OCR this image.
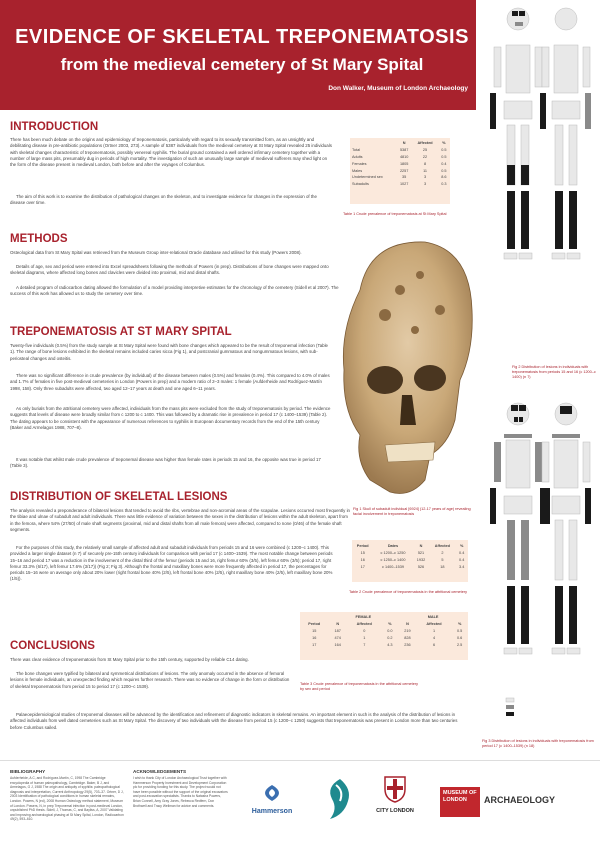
EVIDENCE OF SKELETAL TREPONEMATOSIS
from the medieval cemetery of St Mary Spital
Don Walker, Museum of London Archaeology
INTRODUCTION

There has been much debate on the origins and epidemiology of treponematosis, particularly with regard to its sexually transmitted form, as an unsightly and debilitating disease in pre-antibiotic populations (Ortner 2003, 273). A sample of 5387 individuals from the medieval cemetery at St Mary Spital revealed 25 individuals with skeletal changes characteristic of treponematosis, possibly venereal syphilis. The burial ground contained a well ordered infirmary cemetery together with a number of large mass pits, presumably dug in periods of high mortality. The investigation of such an unusually large sample of medieval sufferers may shed light on the form of the disease present in medieval London, both before and after the voyages of Columbus.

The aim of this work is to examine the distribution of pathological changes on the skeleton, and to investigate evidence for changes in the expression of the disease over time.

	N	Affected	%
Total	5387	25	0.5
Adults	4810	22	0.5
Females	1805	8	0.4
Males	2257	11	0.5
Undetermined sex	35	3	8.6
Subadults	1027	3	0.3
Table 1 Crude prevalence of treponematosis at St Mary Spital
METHODS

Osteological data from St Mary Spital was retrieved from the Museum Group inter-relational Oracle database and utilised for this study (Powers 2008).

Details of age, sex and period were entered into Excel spreadsheets following the methods of Powers (in prep). Distributions of bone changes were mapped onto skeletal diagrams, where affected long bones and clavicles were divided into proximal, mid and distal shafts.

A detailed program of radiocarbon dating allowed the formulation of a model providing interpretive estimates for the chronology of the cemetery (Sidell et al 2007). The success of this work has allowed us to study the cemetery over time.

Fig 1 Skull of subadult individual [6924] (12-17 years of age) revealing facial involvement in treponematosis
TREPONEMATOSIS AT ST MARY SPITAL

Twenty-five individuals (0.5%) from the study sample at St Mary Spital were found with bone changes which appeared to be the result of treponemal infection (Table 1). The range of bone lesions exhibited in the skeletal remains included caries sicca (Fig 1), and postcranial gummatous and nongummatous lesions, with sub-periosteal changes and osteitis.

There was no significant difference in crude prevalence (by individual) of the disease between males (0.5%) and females (0.4%). This compared to 4.0% of males and 1.7% of females in five post-medieval cemeteries in London (Powers in prep) and a modern ratio of 2–3 males: 1 female (Aufderheide and Rodríguez-Martín 1998, 158). Only three subadults were affected, two aged 12–17 years at death and one aged 6–11 years.

As only burials from the attritional cemetery were affected, individuals from the mass pits were excluded from the study of treponematosis by period. The evidence suggests that levels of disease were broadly similar from c 1200 to c 1400. This was followed by a dramatic rise in prevalence in period 17 (c 1400–1539) (Table 2). The dating appears to be consistent with the appearance of numerous references to syphilis in European documentary records from the end of the 15th century (Baker and Armelagos 1988, 707–8).

It was notable that whilst male crude prevalence of treponemal disease was higher than female rates in periods 15 and 16, the opposite was true in period 17 (Table 3).

DISTRIBUTION OF SKELETAL LESIONS

The analysis revealed a preponderance of bilateral lesions that tended to avoid the ribs, vertebrae and non-acromial areas of the scapulae. Lesions occurred most frequently in the tibiae and ulnae of subadult and adult individuals. There was little evidence of variation between the sexes in the distribution of lesions within the adult skeleton, apart from in the femora, where 54% (27/50) of male shaft segments (proximal, mid and distal shafts from all male femora) were affected, compared to none (0/46) of the female shaft segments.

For the purposes of this study, the relatively small sample of affected adult and subadult individuals from periods 15 and 16 were combined (c 1200–c 1400). This provided a larger single dataset (n 7) of securely pre-15th century individuals for comparison with period 17 (c 1400–1539). The most notable change between periods 15–16 and period 17 was a reduction in the involvement of the distal third of the femur (periods 15 and 16, right femur 60% (3/5), left femur 60% (3/5); period 17, right femur 33.3% (6/17), left femur 17.6% (3/17)) (Fig 2; Fig 3). Although the frontal and maxillary bones were more frequently affected in period 17, the percentages for periods 15–16 were on average only about 20% lower (right frontal bone 40% (2/5), left frontal bone 40% (2/5), right maxillary bone 40% (2/5), left maxillary bone 20% (1/5)).

Period	Dates	N	Affected	%
15	c 1200–c 1250	521	2	0.4
16	c 1250–c 1400	1932	5	0.4
17	c 1400–1539	526	18	3.4
Table 2 Crude prevalence of treponematosis in the attritional cemetery
	FEMALE			MALE		
Period	N	Affected	%	N	Affected	%
15	187	0	0.0	219	1	0.5
16	474	1	0.2	828	4	0.6
17	164	7	4.3	236	6	2.5
Table 3 Crude prevalence of treponematosis in the attritional cemetery by sex and period
CONCLUSIONS

There was clear evidence of treponematosis from St Mary Spital prior to the 15th century, supported by reliable C14 dating.

The bone changes were typified by bilateral and symmetrical distributions of lesions. The only anomaly occurred in the absence of femoral lesions in female individuals, an unexpected finding which requires further research. There was no evidence of change in the form or distribution of skeletal treponematosis from period 15 to period 17 (c 1200–c 1539).

Palaeoepidemiological studies of treponemal diseases will be advanced by the identification and refinement of diagnostic indicators in skeletal remains. An important element in such is the analysis of the distribution of lesions in affected individuals from well dated cemeteries such as St Mary Spital. The discovery of two individuals with the disease from period 15 (c 1200–c 1250) suggests that treponematosis was present in London more than two centuries before Columbus sailed.

Fig 2 Distribution of lesions in individuals with treponematosis from periods 15 and 16 (c 1200–c 1400) (n 7)
Fig 3 Distribution of lesions in individuals with treponematosis from period 17 (c 1400–1539) (n 18)
BIBLIOGRAPHY
Aufderheide, A C, and Rodríguez-Martín, C, 1998 The Cambridge encyclopedia of human paleopathology, Cambridge. Baker, B J, and Armelagos, G J, 1988 The origin and antiquity of syphilis: paleopathological diagnosis and interpretation, Current Anthropology 29(5), 703–37. Ortner, D J, 2003 Identification of pathological conditions in human skeletal remains, London. Powers, N (ed), 2008 Human Osteology method statement, Museum of London. Powers, N, in prep Treponemal infection in post-medieval London, unpublished PhD thesis. Sidell, J, Thomas, C, and Bayliss, A, 2007 Validating and improving archaeological phasing at St Mary Spital, London, Radiocarbon 49(2), 593–610.
ACKNOWLEDGEMENTS
I wish to thank City of London Archaeological Trust together with Hammerson Property Investment and Development Corporation plc for providing funding for this study. The project would not have been possible without the support of the original excavators and post-excavation specialists. Thanks to Natasha Powers, Brian Connell, Amy Gray Jones, Rebecca Redfern, Don Brothwell and Tracy Wellman for advice and comments.
Hammerson	CITY LONDON
MUSEUM OF LONDON	ARCHAEOLOGY
